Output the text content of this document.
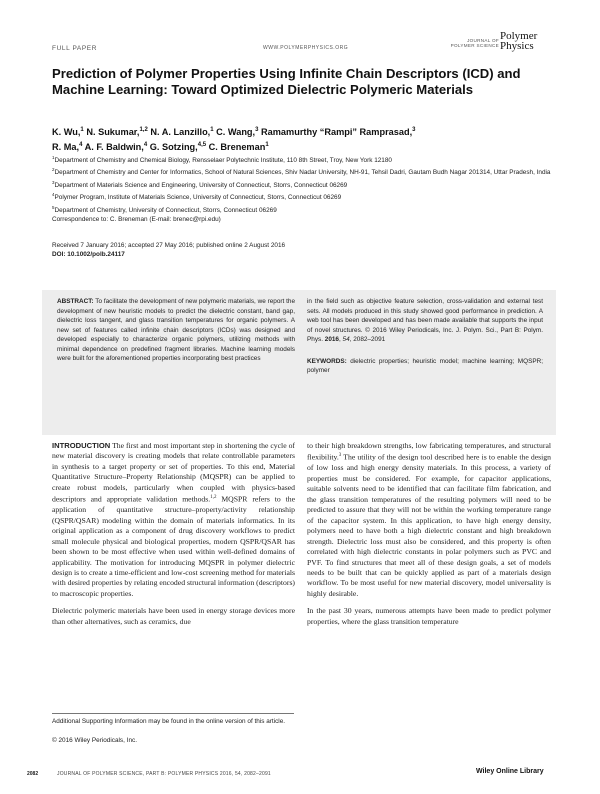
FULL PAPER	WWW.POLYMERPHYSICS.ORG
JOURNAL OF
POLYMER SCIENCE
Polymer
Physics
Prediction of Polymer Properties Using Infinite Chain Descriptors (ICD) and Machine Learning: Toward Optimized Dielectric Polymeric Materials
K. Wu,$^1$ N. Sukumar,$^{1,2}$ N. A. Lanzillo,$^1$ C. Wang,$^3$ Ramamurthy “Rampi” Ramprasad,$^3$
R. Ma,$^4$ A. F. Baldwin,$^4$ G. Sotzing,$^{4,5}$ C. Breneman$^1$
$^1$Department of Chemistry and Chemical Biology, Rensselaer Polytechnic Institute, 110 8th Street, Troy, New York 12180
$^2$Department of Chemistry and Center for Informatics, School of Natural Sciences, Shiv Nadar University, NH-91, Tehsil Dadri, Gautam Budh Nagar 201314, Uttar Pradesh, India
$^3$Department of Materials Science and Engineering, University of Connecticut, Storrs, Connecticut 06269
$^4$Polymer Program, Institute of Materials Science, University of Connecticut, Storrs, Connecticut 06269
$^5$Department of Chemistry, University of Connecticut, Storrs, Connecticut 06269
Correspondence to: C. Breneman (E-mail: brenec@rpi.edu)
Received 7 January 2016; accepted 27 May 2016; published online 2 August 2016
DOI: 10.1002/polb.24117
ABSTRACT: To facilitate the development of new polymeric materials, we report the development of new heuristic models to predict the dielectric constant, band gap, dielectric loss tangent, and glass transition temperatures for organic polymers. A new set of features called infinite chain descriptors (ICDs) was designed and developed especially to characterize organic polymers, utilizing methods with minimal dependence on predefined fragment libraries. Machine learning models were built for the aforementioned properties incorporating best practices
in the field such as objective feature selection, cross-validation and external test sets. All models produced in this study showed good performance in prediction. A web tool has been developed and has been made available that supports the input of novel structures. © 2016 Wiley Periodicals, Inc. J. Polym. Sci., Part B: Polym. Phys. 2016, 54, 2082–2091
KEYWORDS: dielectric properties; heuristic model; machine learning; MQSPR; polymer

INTRODUCTION The first and most important step in shortening the cycle of new material discovery is creating models that relate controllable parameters in synthesis to a target property or set of properties. To this end, Material Quantitative Structure–Property Relationship (MQSPR) can be applied to create robust models, particularly when coupled with physics-based descriptors and appropriate validation methods.$^{1,2}$ MQSPR refers to the application of quantitative structure–property/activity relationship (QSPR/QSAR) modeling within the domain of materials informatics. In its original application as a component of drug discovery workflows to predict small molecule physical and biological properties, modern QSPR/QSAR has been shown to be most effective when used within well-defined domains of applicability. The motivation for introducing MQSPR in polymer dielectric design is to create a time-efficient and low-cost screening method for materials with desired properties by relating encoded structural information (descriptors) to macroscopic properties.

Dielectric polymeric materials have been used in energy storage devices more than other alternatives, such as ceramics, due

to their high breakdown strengths, low fabricating temperatures, and structural flexibility.$^3$ The utility of the design tool described here is to enable the design of low loss and high energy density materials. In this process, a variety of properties must be considered. For example, for capacitor applications, suitable solvents need to be identified that can facilitate film fabrication, and the glass transition temperatures of the resulting polymers will need to be predicted to assure that they will not be within the working temperature range of the capacitor system. In this application, to have high energy density, polymers need to have both a high dielectric constant and high breakdown strength. Dielectric loss must also be considered, and this property is often correlated with high dielectric constants in polar polymers such as PVC and PVF. To find structures that meet all of these design goals, a set of models needs to be built that can be quickly applied as part of a materials design workflow. To be most useful for new material discovery, model universality is highly desirable.

In the past 30 years, numerous attempts have been made to predict polymer properties, where the glass transition temperature

Additional Supporting Information may be found in the online version of this article.
© 2016 Wiley Periodicals, Inc.
2082	JOURNAL OF POLYMER SCIENCE, PART B: POLYMER PHYSICS 2016, 54, 2082–2091	Wiley Online Library
